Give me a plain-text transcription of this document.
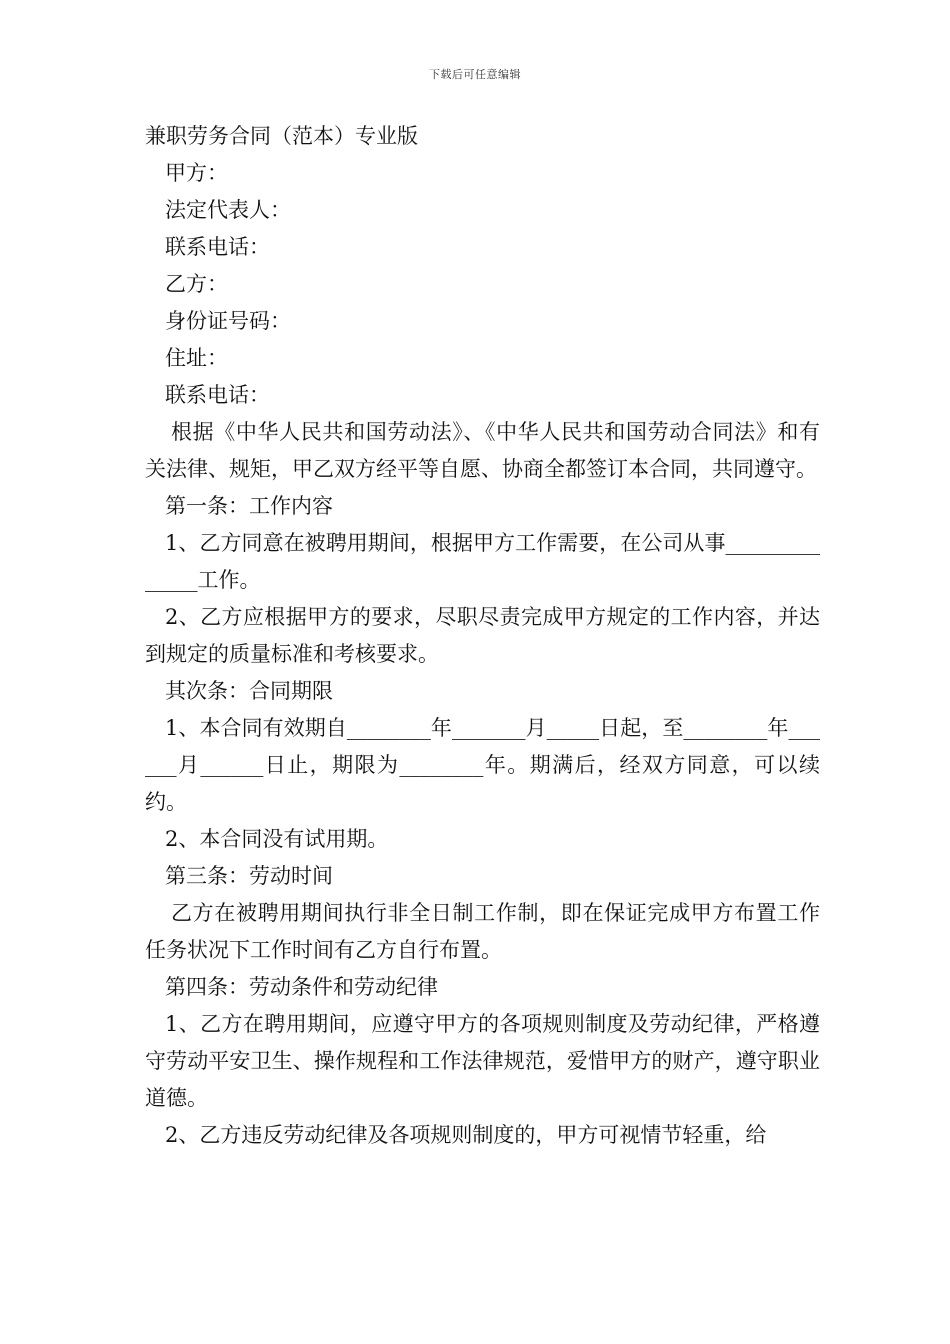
下载后可任意编辑

兼职劳务合同（范本）专业版

甲方：

法定代表人：

联系电话：

乙方：

身份证号码：

住址：

联系电话：

根据《中华人民共和国劳动法》、《中华人民共和国劳动合同法》和有关法律、规矩，甲乙双方经平等自愿、协商全都签订本合同，共同遵守。

第一条：工作内容

1、乙方同意在被聘用期间，根据甲方工作需要，在公司从事______________工作。

2、乙方应根据甲方的要求，尽职尽责完成甲方规定的工作内容，并达到规定的质量标准和考核要求。

其次条：合同期限

1、本合同有效期自________年_______月_____日起，至________年______月______日止，期限为________年。期满后，经双方同意，可以续约。

2、本合同没有试用期。

第三条：劳动时间

乙方在被聘用期间执行非全日制工作制，即在保证完成甲方布置工作任务状况下工作时间有乙方自行布置。

第四条：劳动条件和劳动纪律

1、乙方在聘用期间，应遵守甲方的各项规则制度及劳动纪律，严格遵守劳动平安卫生、操作规程和工作法律规范，爱惜甲方的财产，遵守职业道德。

2、乙方违反劳动纪律及各项规则制度的，甲方可视情节轻重，给
